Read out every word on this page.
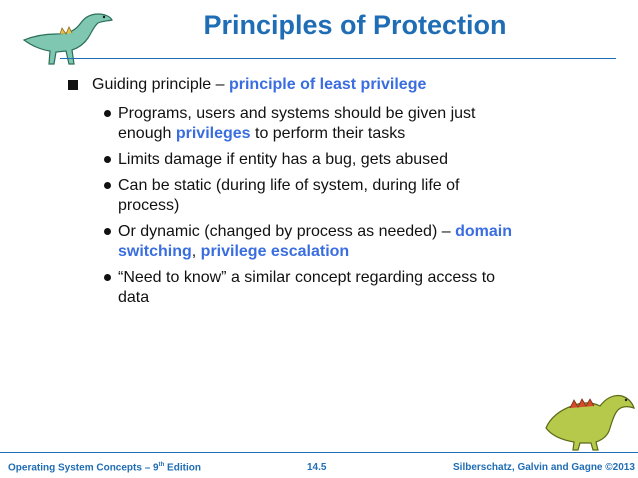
Principles of Protection
Guiding principle – principle of least privilege
Programs, users and systems should be given just
enough privileges to perform their tasks
Limits damage if entity has a bug, gets abused
Can be static (during life of system, during life of
process)
Or dynamic (changed by process as needed) – domain
switching, privilege escalation
“Need to know” a similar concept regarding access to
data
Operating System Concepts – 9th Edition	14.5	Silberschatz, Galvin and Gagne ©2013
